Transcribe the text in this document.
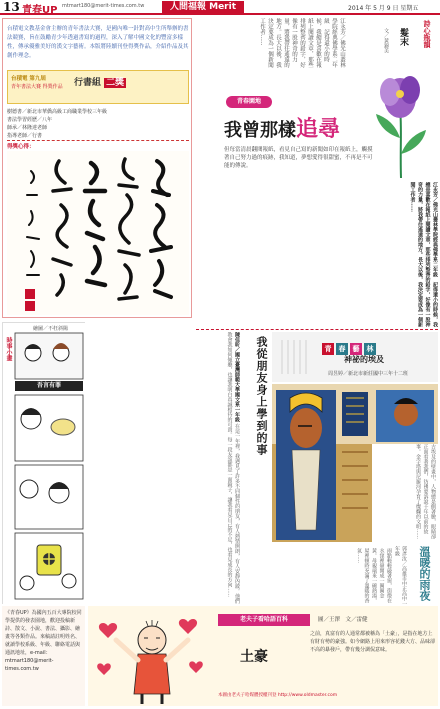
13 青春UP mtmart180@merit-times.com.tw	人間福報 Merit Times
2014 年 5 月 9 日 星期五
台積電文教基金會主辦的青年書法大賽，是國內唯一針對高中生所舉辦的書法競賽，旨在鼓勵青少年透過書寫的過程，深入了解中國文化的豐富多樣性，傳承優雅美好的漢文字藝術。本版將陸續刊登得獎作品，介紹作品及其創作理念。
台積電 第九屆
青年書法大賽 得獎作品 行書組 二獎
樹德書／新北市華僑高級工商職業學校三年級
書法學習經歷／八年
師承／林隆達老師
指導老師／行書
得獎心得：
江永芳／佛光山叢林學院經典佛學系二年級　記得還小的時候，我總是喜歡在報紙上閱讀文章，那些排列整齊的鉛字，好像有一股神奇的力量，將我帶往遙遠的地方。長大以後，我決定要成為一個新聞工作者……	詩心瓶韻
髮末
文／黃錦美
青春園地
我曾那樣追尋
但每當清晨翻閱報紙，看見自己寫的新聞如印在報紙上，觸摸著自己努力過的痕跡，我知道，夢想愛得很甜蜜，不再是不可能的傳說。
江永芳／佛光山叢林學院經典佛學系二年級　記得還小的時候，我總是喜歡在報紙上閱讀文章，那些排列整齊的鉛字，好像有一股神奇的力量，將我帶往遙遠的地方。長大以後，我決定要成為一個新聞工作者……
時事小畫
繪圖／不枉斜陽
吾言有罪	陳佳昕／國立臺灣師範大學國文系一年級 在這一年裡，我遇見了許多不同個性的朋友，有人熱情開朗，有人安靜內斂。他們教會我如何傾聽，也讓我明白真誠相待的可貴。每一段友誼都是一面鏡子，讓我看見自己的不足，也看見成長的方向……	我從朋友身上學到的事	青 春 藝 林
神祕的埃及
周昱婷／新北市新莊國中三年十二班
古埃及的壁畫中，人物總是側著臉，眼睛卻正面看著我們，彷彿要訴說千年以前的故事。金字塔與尼羅河孕育了燦爛的文明……
雨點輕輕敲著窗，街燈在水窪裡暈開成一圈圈金黃。母親端來一碗熱湯，屋裡頓時充滿了溫暖的香氣……	郭彥汝／高雄市中正高中一年級	溫暖的雨夜
《青春UP》為國內五百大專院校同學提供的發表園地，歡迎投稿新詩、散文、小說、書法、攝影、繪畫等各類作品。來稿請註明姓名、就讀學校系級、年級、聯絡電話與通訊地址，e-mail：mtmart180@merit-times.com.tw
老夫子看哈語百科	圖／王澤　文／雷健
土豪
本圖由老夫子哈媒體授權刊登 http://www.oldmaster.com
之前，真富有的人通常都被稱為「土豪」，是指在地方上有財有勢的豪強。如今網路上用來形容花錢大方、品味卻不高的暴發戶，帶有幾分調侃意味。
